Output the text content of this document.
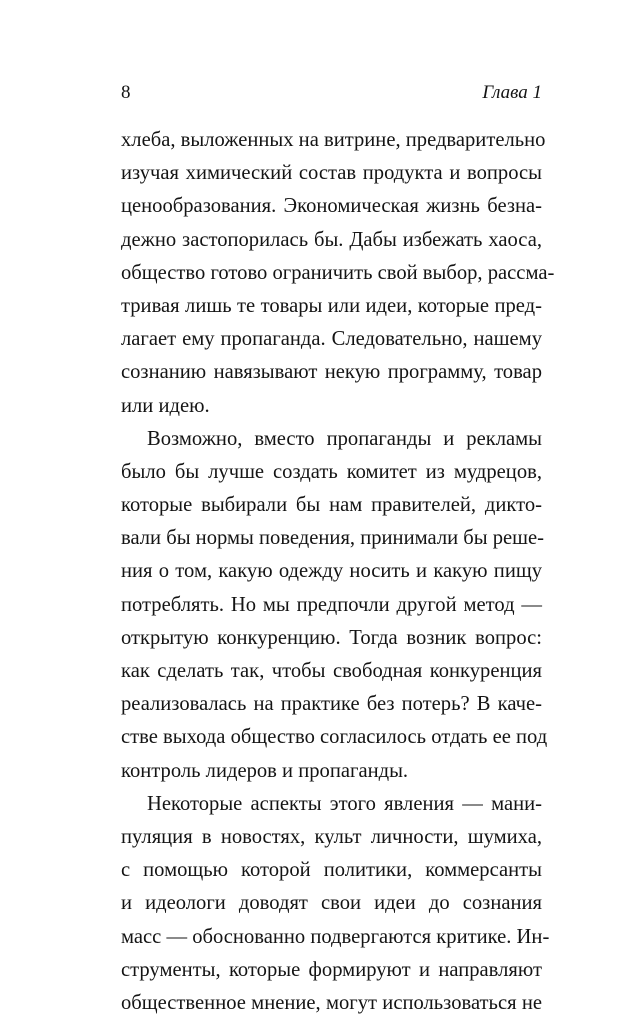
8	Глава 1
хлеба, выложенных на витрине, предварительно
изучая химический состав продукта и вопросы
ценообразования. Экономическая жизнь безна-
дежно застопорилась бы. Дабы избежать хаоса,
общество готово ограничить свой выбор, рассма-
тривая лишь те товары или идеи, которые пред-
лагает ему пропаганда. Следовательно, нашему
сознанию навязывают некую программу, товар
или идею.
Возможно, вместо пропаганды и рекламы
было бы лучше создать комитет из мудрецов,
которые выбирали бы нам правителей, дикто-
вали бы нормы поведения, принимали бы реше-
ния о том, какую одежду носить и какую пищу
потреблять. Но мы предпочли другой метод —
открытую конкуренцию. Тогда возник вопрос:
как сделать так, чтобы свободная конкуренция
реализовалась на практике без потерь? В каче-
стве выхода общество согласилось отдать ее под
контроль лидеров и пропаганды.
Некоторые аспекты этого явления — мани-
пуляция в новостях, культ личности, шумиха,
с помощью которой политики, коммерсанты
и идеологи доводят свои идеи до сознания
масс — обоснованно подвергаются критике. Ин-
струменты, которые формируют и направляют
общественное мнение, могут использоваться не
